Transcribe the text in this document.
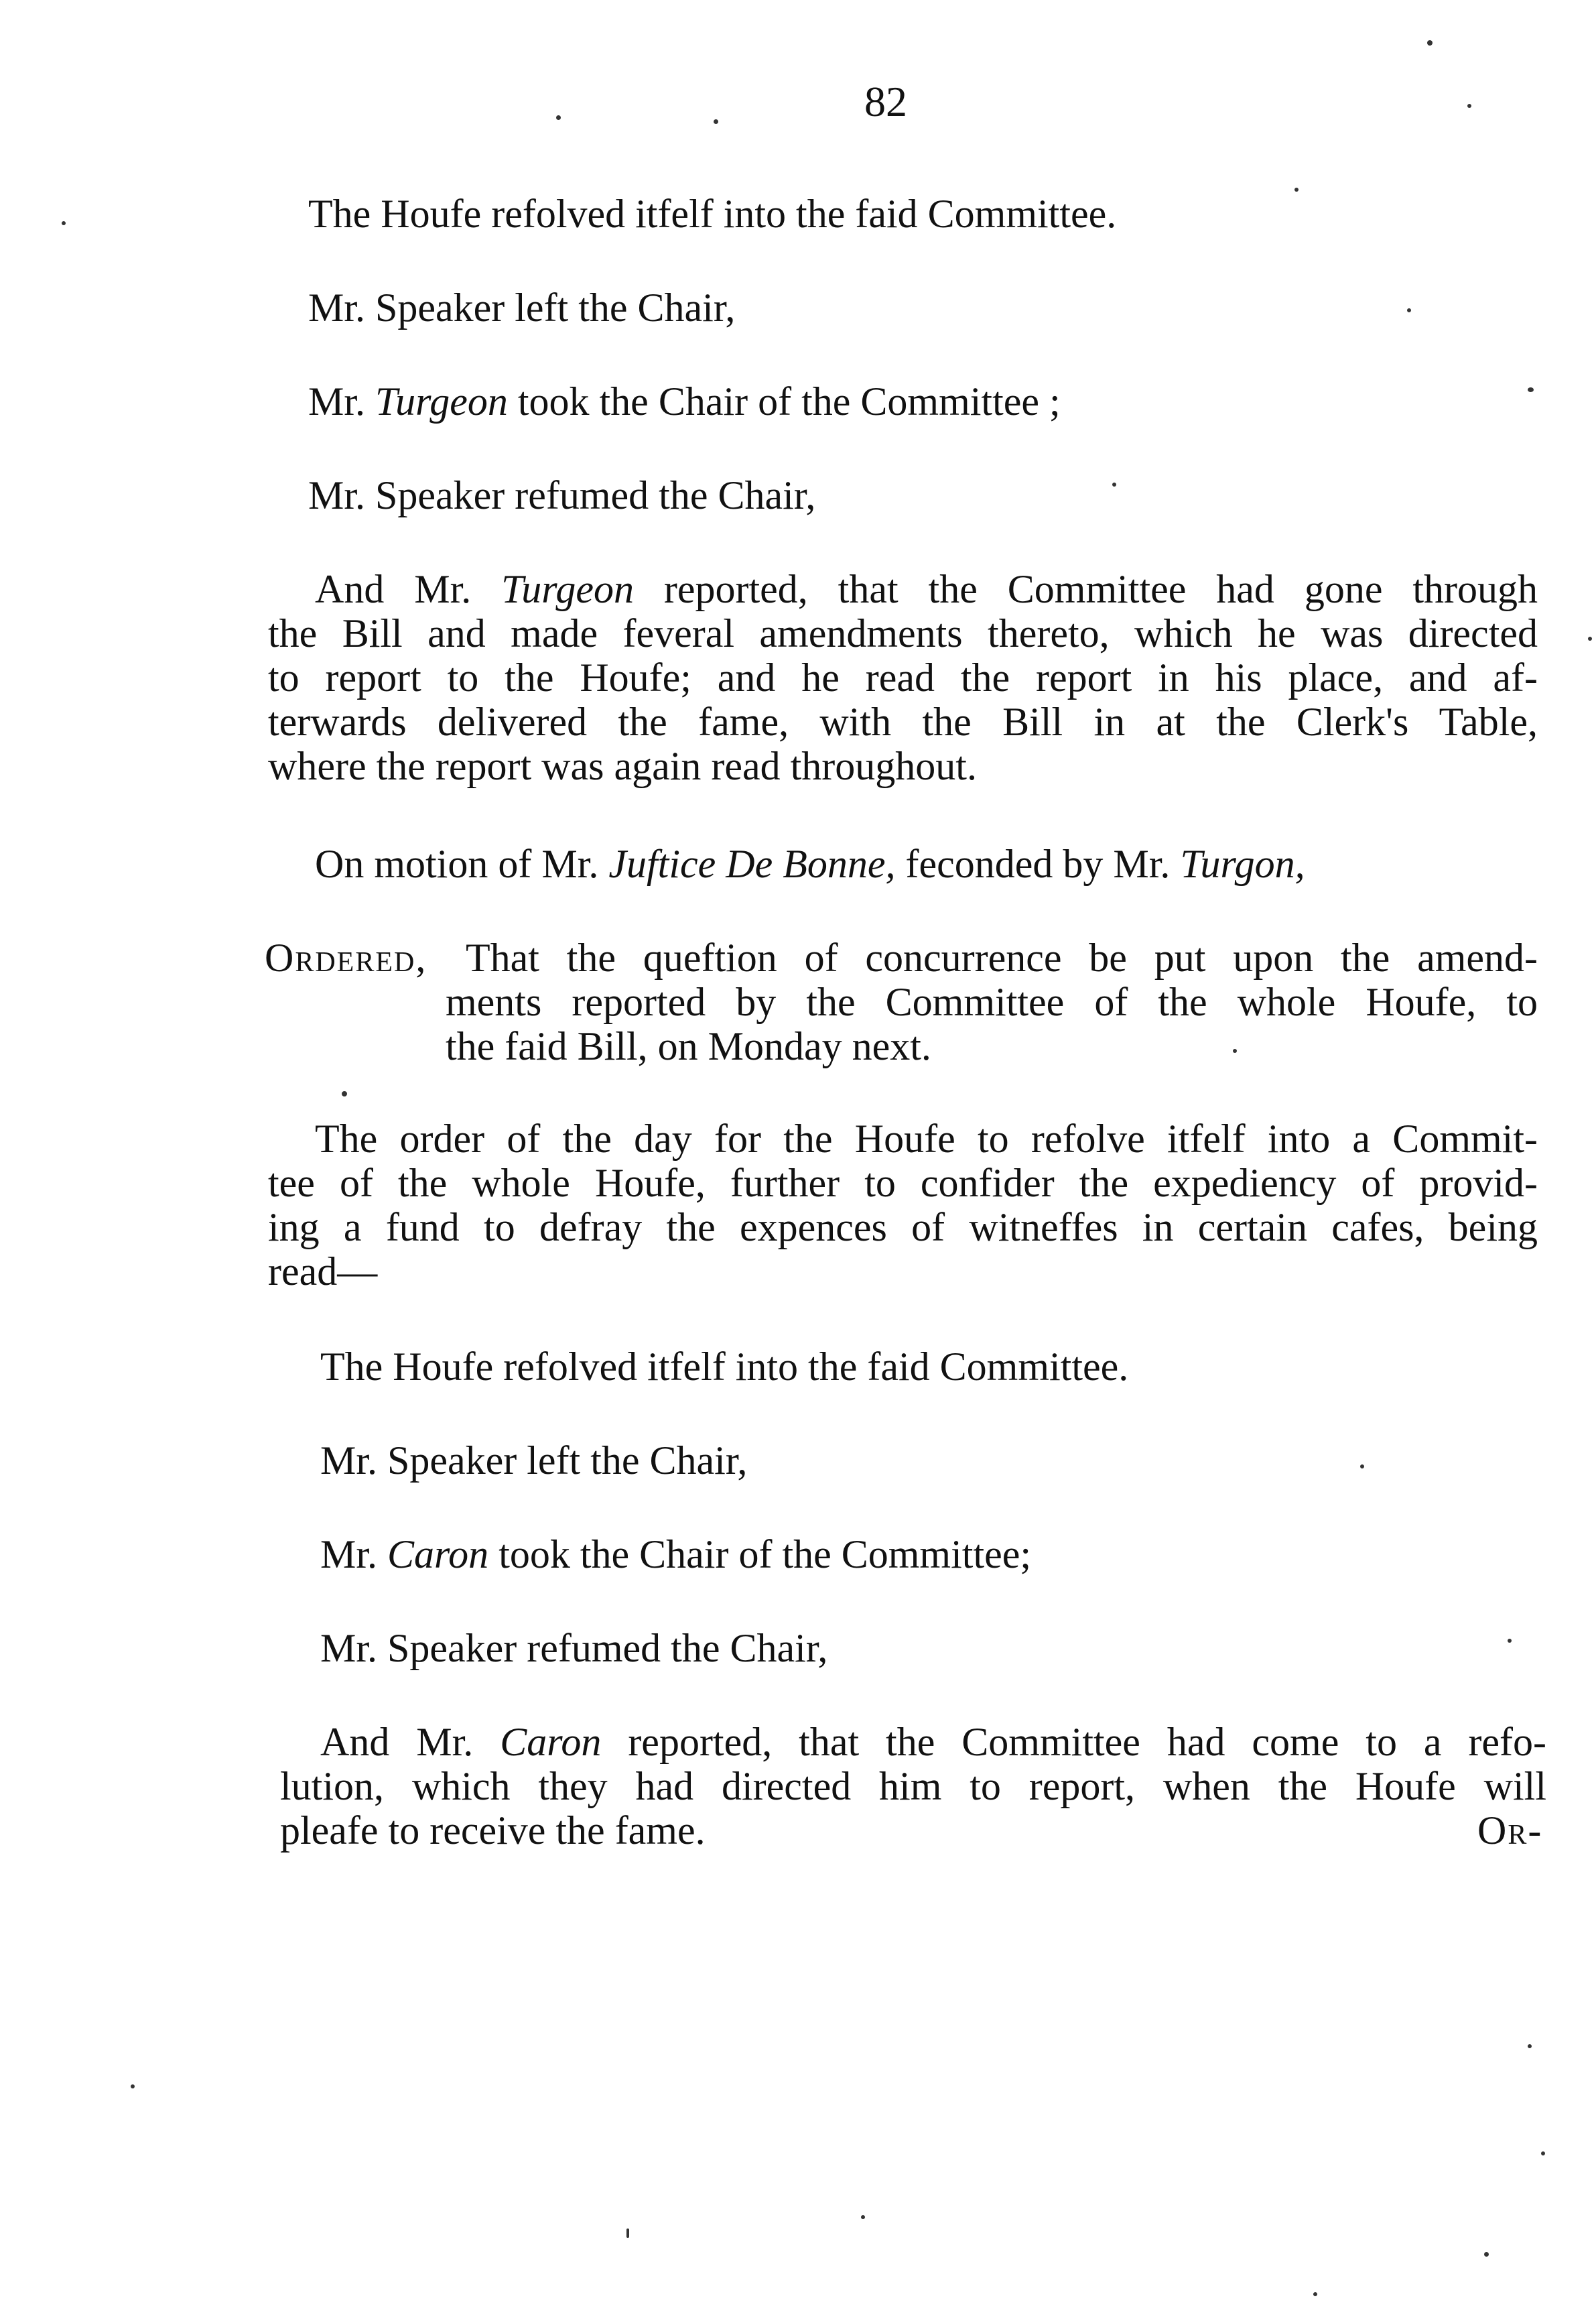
82
The Houfe refolved itfelf into the faid Committee.
Mr. Speaker left the Chair,
Mr. Turgeon took the Chair of the Committee ;
Mr. Speaker refumed the Chair,
And Mr. Turgeon reported, that the Committee had gone through
the Bill and made feveral amendments thereto, which he was directed
to report to the Houfe; and he read the report in his place, and af-
terwards delivered the fame, with the Bill in at the Clerk's Table,
where the report was again read throughout.
On motion of Mr. Juftice De Bonne, feconded by Mr. Turgon,
Ordered, That the queftion of concurrence be put upon the amend-
ments reported by the Committee of the whole Houfe, to
the faid Bill, on Monday next.
The order of the day for the Houfe to refolve itfelf into a Commit-
tee of the whole Houfe, further to confider the expediency of provid-
ing a fund to defray the expences of witneffes in certain cafes, being
read—
The Houfe refolved itfelf into the faid Committee.
Mr. Speaker left the Chair,
Mr. Caron took the Chair of the Committee;
Mr. Speaker refumed the Chair,
And Mr. Caron reported, that the Committee had come to a refo-
lution, which they had directed him to report, when the Houfe will
pleafe to receive the fame.	Or-
